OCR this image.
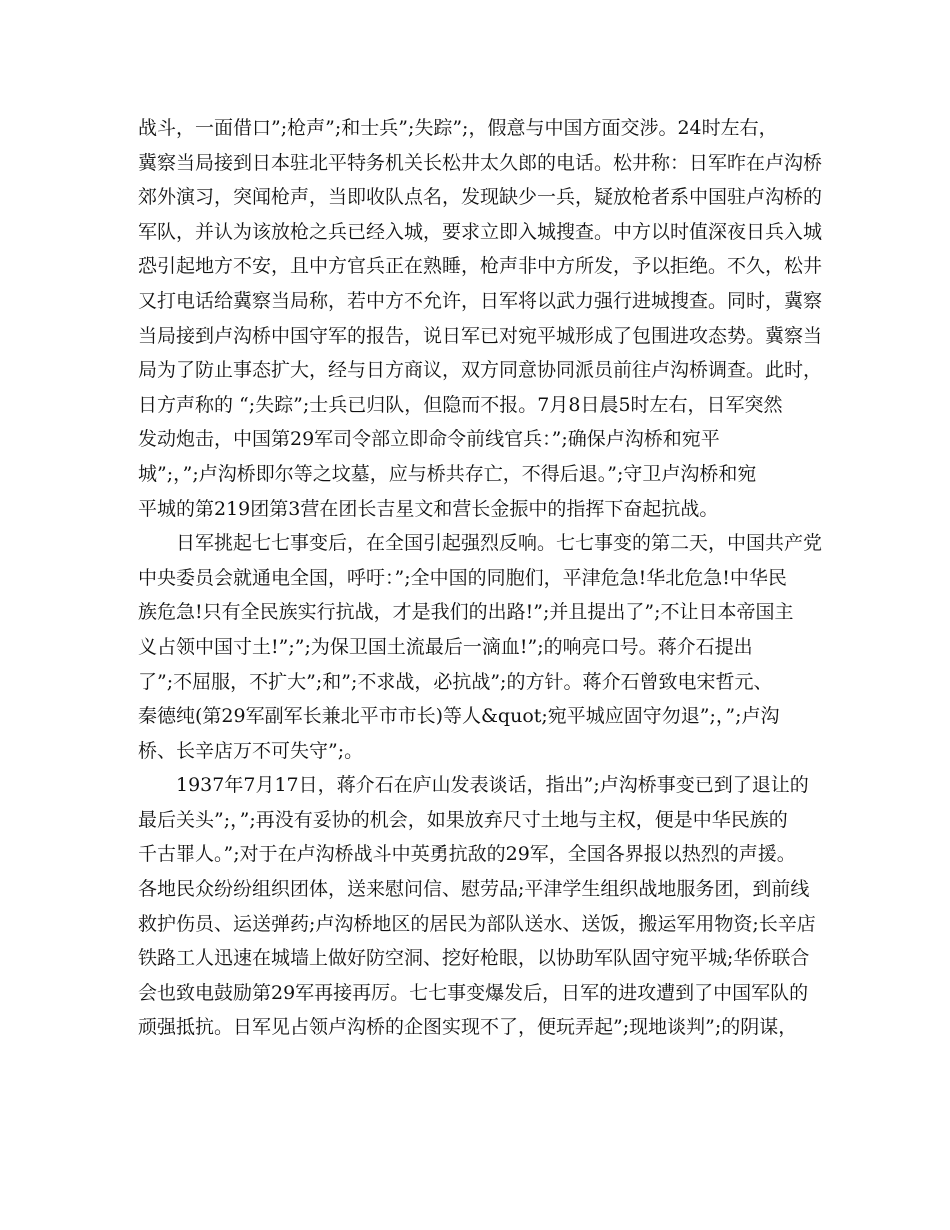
战斗，一面借口”;枪声”;和士兵”;失踪”;，假意与中国方面交涉。24时左右，
冀察当局接到日本驻北平特务机关长松井太久郎的电话。松井称：日军昨在卢沟桥
郊外演习，突闻枪声，当即收队点名，发现缺少一兵，疑放枪者系中国驻卢沟桥的
军队，并认为该放枪之兵已经入城，要求立即入城搜查。中方以时值深夜日兵入城
恐引起地方不安，且中方官兵正在熟睡，枪声非中方所发，予以拒绝。不久，松井
又打电话给冀察当局称，若中方不允许，日军将以武力强行进城搜查。同时，冀察
当局接到卢沟桥中国守军的报告，说日军已对宛平城形成了包围进攻态势。冀察当
局为了防止事态扩大，经与日方商议，双方同意协同派员前往卢沟桥调查。此时，
日方声称的 “;失踪”;士兵已归队，但隐而不报。7月8日晨5时左右，日军突然
发动炮击，中国第29军司令部立即命令前线官兵：”;确保卢沟桥和宛平
城”;，”;卢沟桥即尔等之坟墓，应与桥共存亡，不得后退。”;守卫卢沟桥和宛
平城的第219团第3营在团长吉星文和营长金振中的指挥下奋起抗战。
日军挑起七七事变后，在全国引起强烈反响。七七事变的第二天，中国共产党
中央委员会就通电全国，呼吁：”;全中国的同胞们，平津危急!华北危急!中华民
族危急!只有全民族实行抗战，才是我们的出路!”;并且提出了”;不让日本帝国主
义占领中国寸土!”;”;为保卫国土流最后一滴血!”;的响亮口号。蒋介石提出
了”;不屈服，不扩大”;和”;不求战，必抗战”;的方针。蒋介石曾致电宋哲元、
秦德纯(第29军副军长兼北平市市长)等人&quot;宛平城应固守勿退”;，”;卢沟
桥、长辛店万不可失守”;。
1937年7月17日，蒋介石在庐山发表谈话，指出”;卢沟桥事变已到了退让的
最后关头”;，”;再没有妥协的机会，如果放弃尺寸土地与主权，便是中华民族的
千古罪人。”;对于在卢沟桥战斗中英勇抗敌的29军，全国各界报以热烈的声援。
各地民众纷纷组织团体，送来慰问信、慰劳品;平津学生组织战地服务团，到前线
救护伤员、运送弹药;卢沟桥地区的居民为部队送水、送饭，搬运军用物资;长辛店
铁路工人迅速在城墙上做好防空洞、挖好枪眼，以协助军队固守宛平城;华侨联合
会也致电鼓励第29军再接再厉。七七事变爆发后，日军的进攻遭到了中国军队的
顽强抵抗。日军见占领卢沟桥的企图实现不了，便玩弄起”;现地谈判”;的阴谋，
